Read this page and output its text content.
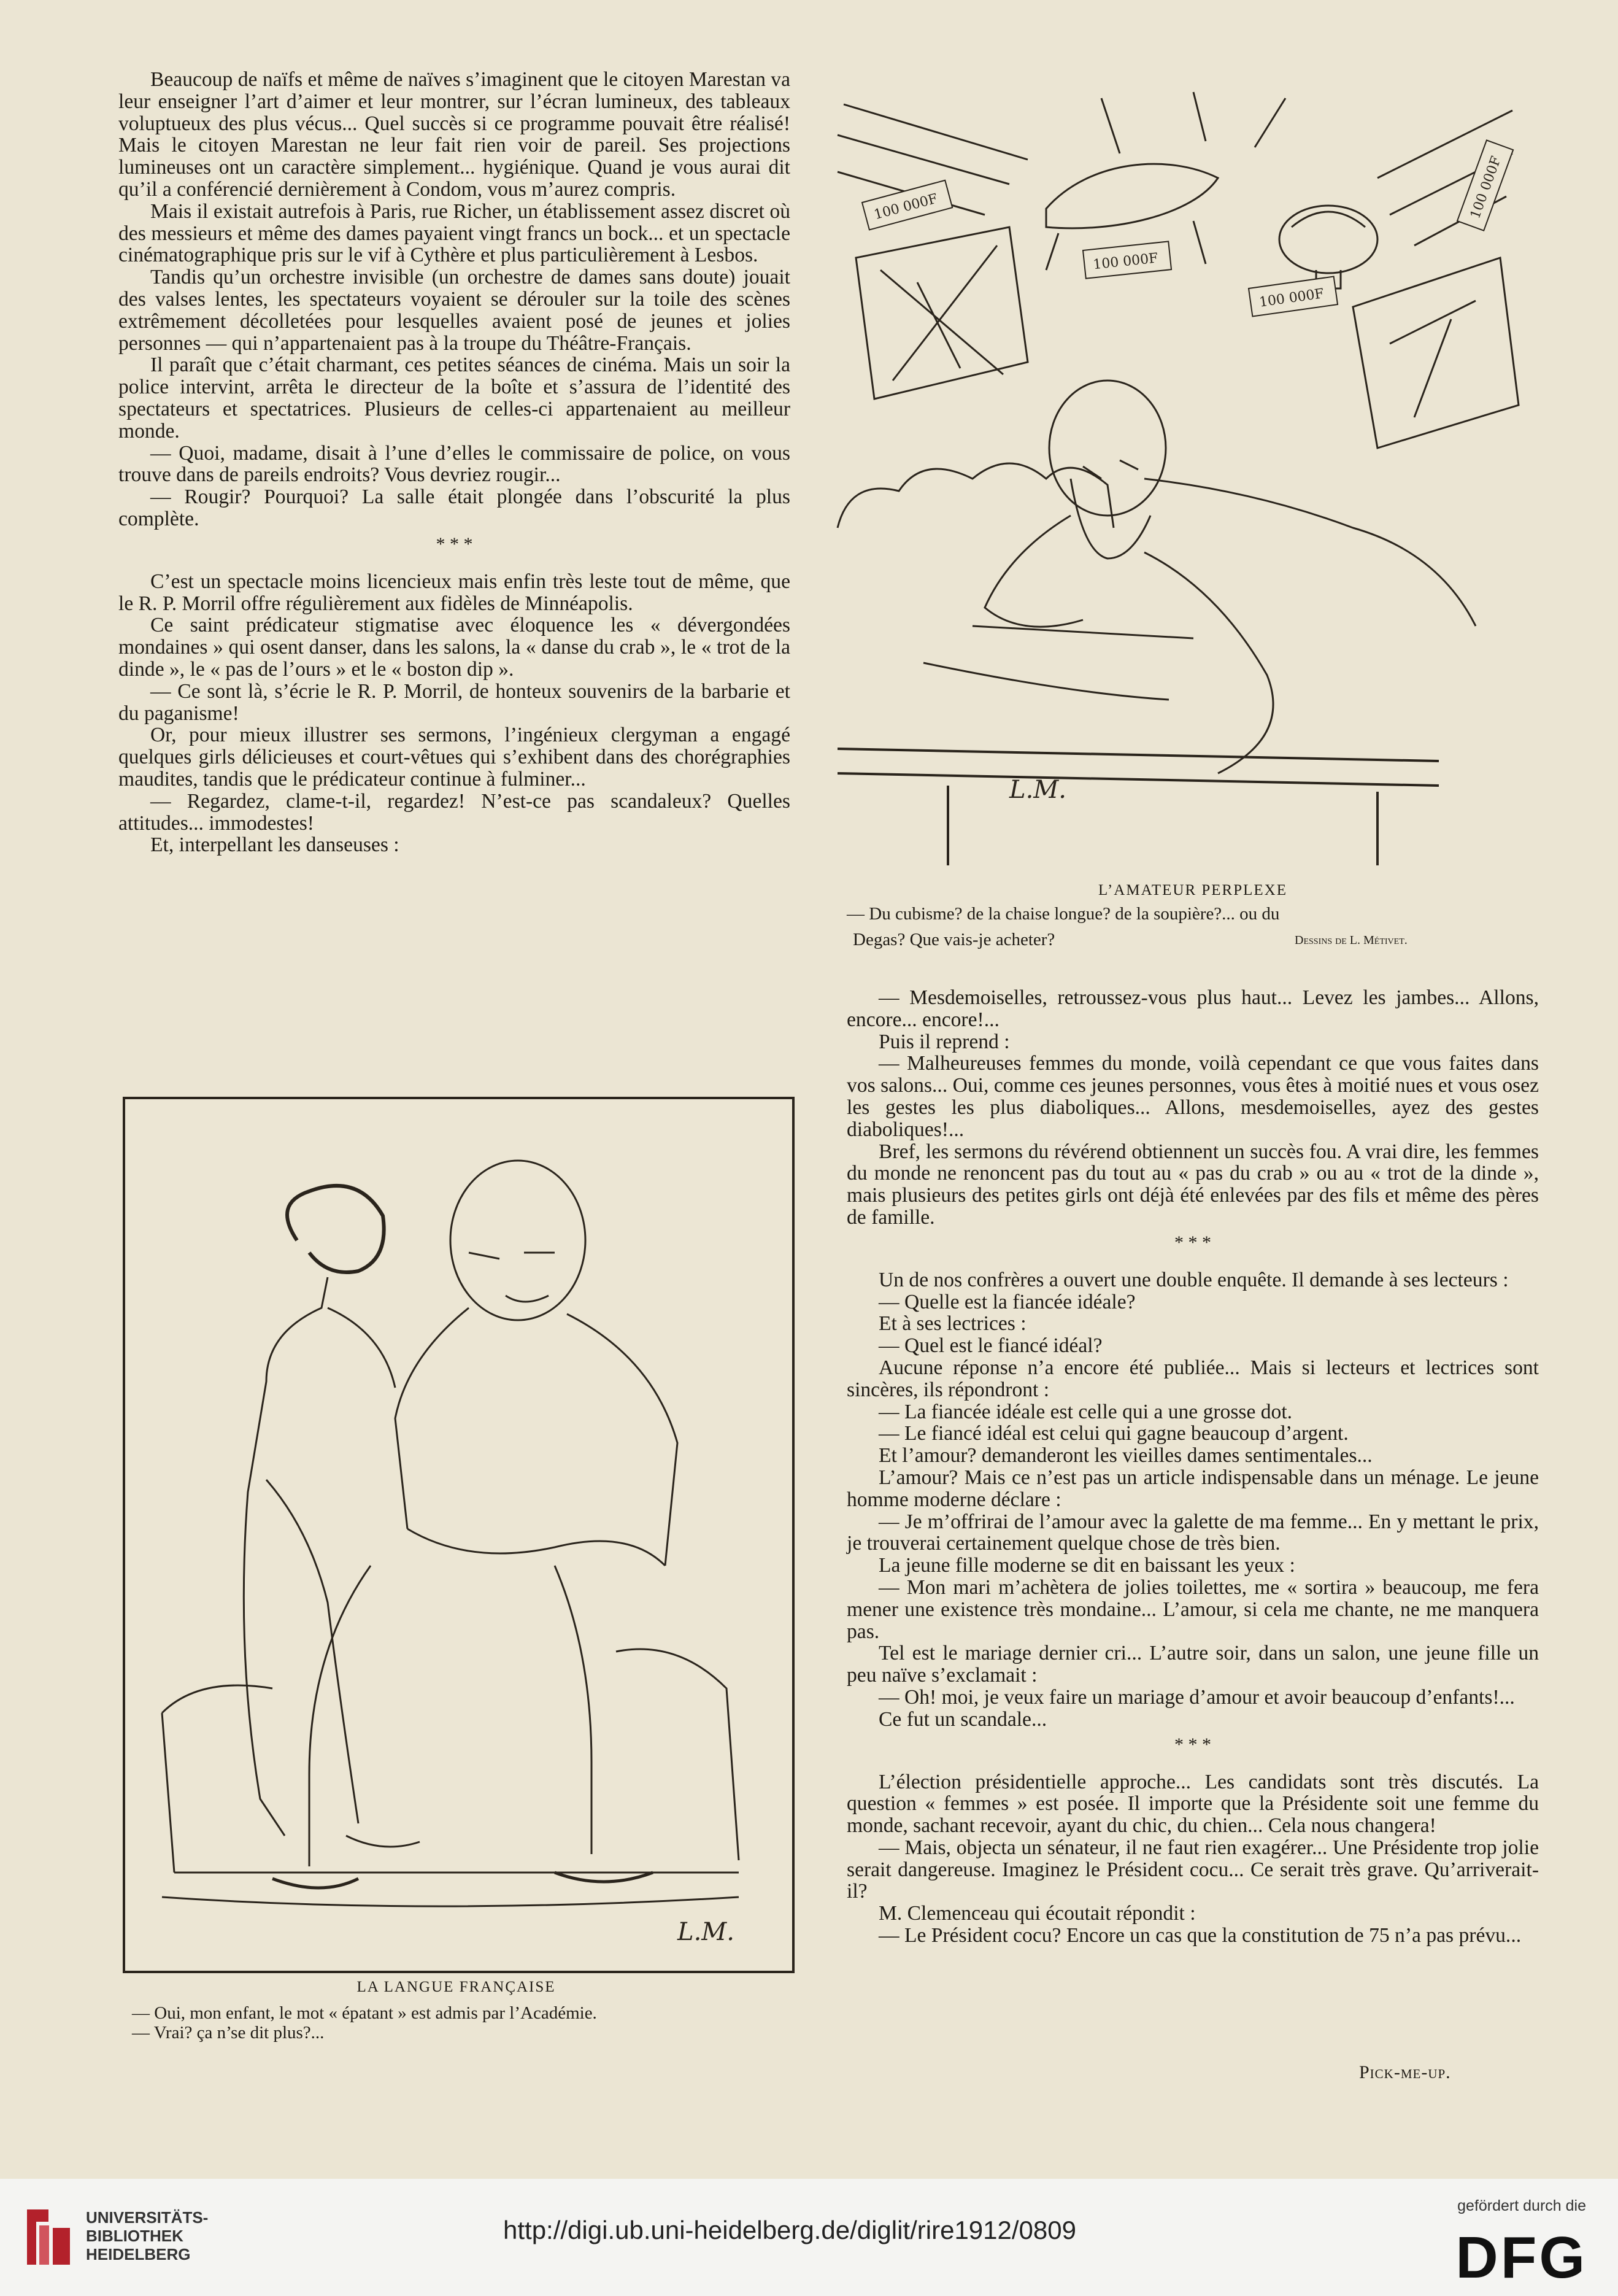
Beaucoup de naïfs et même de naïves s’imaginent que le citoyen Marestan va leur enseigner l’art d’aimer et leur montrer, sur l’écran lumineux, des tableaux voluptueux des plus vécus... Quel succès si ce programme pouvait être réalisé! Mais le citoyen Marestan ne leur fait rien voir de pareil. Ses projections lumineuses ont un caractère simplement... hygiénique. Quand je vous aurai dit qu’il a conférencié dernièrement à Condom, vous m’aurez compris.

Mais il existait autrefois à Paris, rue Richer, un établissement assez discret où des messieurs et même des dames payaient vingt francs un bock... et un spectacle cinématographique pris sur le vif à Cythère et plus particulièrement à Lesbos.

Tandis qu’un orchestre invisible (un orchestre de dames sans doute) jouait des valses lentes, les spectateurs voyaient se dérouler sur la toile des scènes extrêmement décolletées pour lesquelles avaient posé de jeunes et jolies personnes — qui n’appartenaient pas à la troupe du Théâtre-Français.

Il paraît que c’était charmant, ces petites séances de cinéma. Mais un soir la police intervint, arrêta le directeur de la boîte et s’assura de l’identité des spectateurs et spectatrices. Plusieurs de celles-ci appartenaient au meilleur monde.

— Quoi, madame, disait à l’une d’elles le commissaire de police, on vous trouve dans de pareils endroits? Vous devriez rougir...

— Rougir? Pourquoi? La salle était plongée dans l’obscurité la plus complète.

* * *

C’est un spectacle moins licencieux mais enfin très leste tout de même, que le R. P. Morril offre régulièrement aux fidèles de Minnéapolis.

Ce saint prédicateur stigmatise avec éloquence les « dévergondées mondaines » qui osent danser, dans les salons, la « danse du crab », le « trot de la dinde », le « pas de l’ours » et le « boston dip ».

— Ce sont là, s’écrie le R. P. Morril, de honteux souvenirs de la barbarie et du paganisme!

Or, pour mieux illustrer ses sermons, l’ingénieux clergyman a engagé quelques girls délicieuses et court-vêtues qui s’exhibent dans des chorégraphies maudites, tandis que le prédicateur continue à fulminer...

— Regardez, clame-t-il, regardez! N’est-ce pas scandaleux? Quelles attitudes... immodestes!

Et, interpellant les danseuses :

100 000F
100 000F
100 000F
100 000F
L.M.
L’AMATEUR PERPLEXE
— Du cubisme? de la chaise longue? de la soupière?... ou du
Degas? Que vais-je acheter?	Dessins de L. Métivet.
L.M.
LA LANGUE FRANÇAISE
— Oui, mon enfant, le mot « épatant » est admis par l’Académie.
— Vrai? ça n’se dit plus?...

— Mesdemoiselles, retroussez-vous plus haut... Levez les jambes... Allons, encore... encore!...

Puis il reprend :

— Malheureuses femmes du monde, voilà cependant ce que vous faites dans vos salons... Oui, comme ces jeunes personnes, vous êtes à moitié nues et vous osez les gestes les plus diaboliques... Allons, mesdemoiselles, ayez des gestes diaboliques!...

Bref, les sermons du révérend obtiennent un succès fou. A vrai dire, les femmes du monde ne renoncent pas du tout au « pas du crab » ou au « trot de la dinde », mais plusieurs des petites girls ont déjà été enlevées par des fils et même des pères de famille.

* * *

Un de nos confrères a ouvert une double enquête. Il demande à ses lecteurs :

— Quelle est la fiancée idéale?

Et à ses lectrices :

— Quel est le fiancé idéal?

Aucune réponse n’a encore été publiée... Mais si lecteurs et lectrices sont sincères, ils répondront :

— La fiancée idéale est celle qui a une grosse dot.

— Le fiancé idéal est celui qui gagne beaucoup d’argent.

Et l’amour? demanderont les vieilles dames sentimentales...

L’amour? Mais ce n’est pas un article indispensable dans un ménage. Le jeune homme moderne déclare :

— Je m’offrirai de l’amour avec la galette de ma femme... En y mettant le prix, je trouverai certainement quelque chose de très bien.

La jeune fille moderne se dit en baissant les yeux :

— Mon mari m’achètera de jolies toilettes, me « sortira » beaucoup, me fera mener une existence très mondaine... L’amour, si cela me chante, ne me manquera pas.

Tel est le mariage dernier cri... L’autre soir, dans un salon, une jeune fille un peu naïve s’exclamait :

— Oh! moi, je veux faire un mariage d’amour et avoir beaucoup d’enfants!...

Ce fut un scandale...

* * *

L’élection présidentielle approche... Les candidats sont très discutés. La question « femmes » est posée. Il importe que la Présidente soit une femme du monde, sachant recevoir, ayant du chic, du chien... Cela nous changera!

— Mais, objecta un sénateur, il ne faut rien exagérer... Une Présidente trop jolie serait dangereuse. Imaginez le Président cocu... Ce serait très grave. Qu’arriverait-il?

M. Clemenceau qui écoutait répondit :

— Le Président cocu? Encore un cas que la constitution de 75 n’a pas prévu...

Pick-me-up.
UNIVERSITÄTS-
BIBLIOTHEK
HEIDELBERG
http://digi.ub.uni-heidelberg.de/diglit/rire1912/0809
gefördert durch die
DFG
